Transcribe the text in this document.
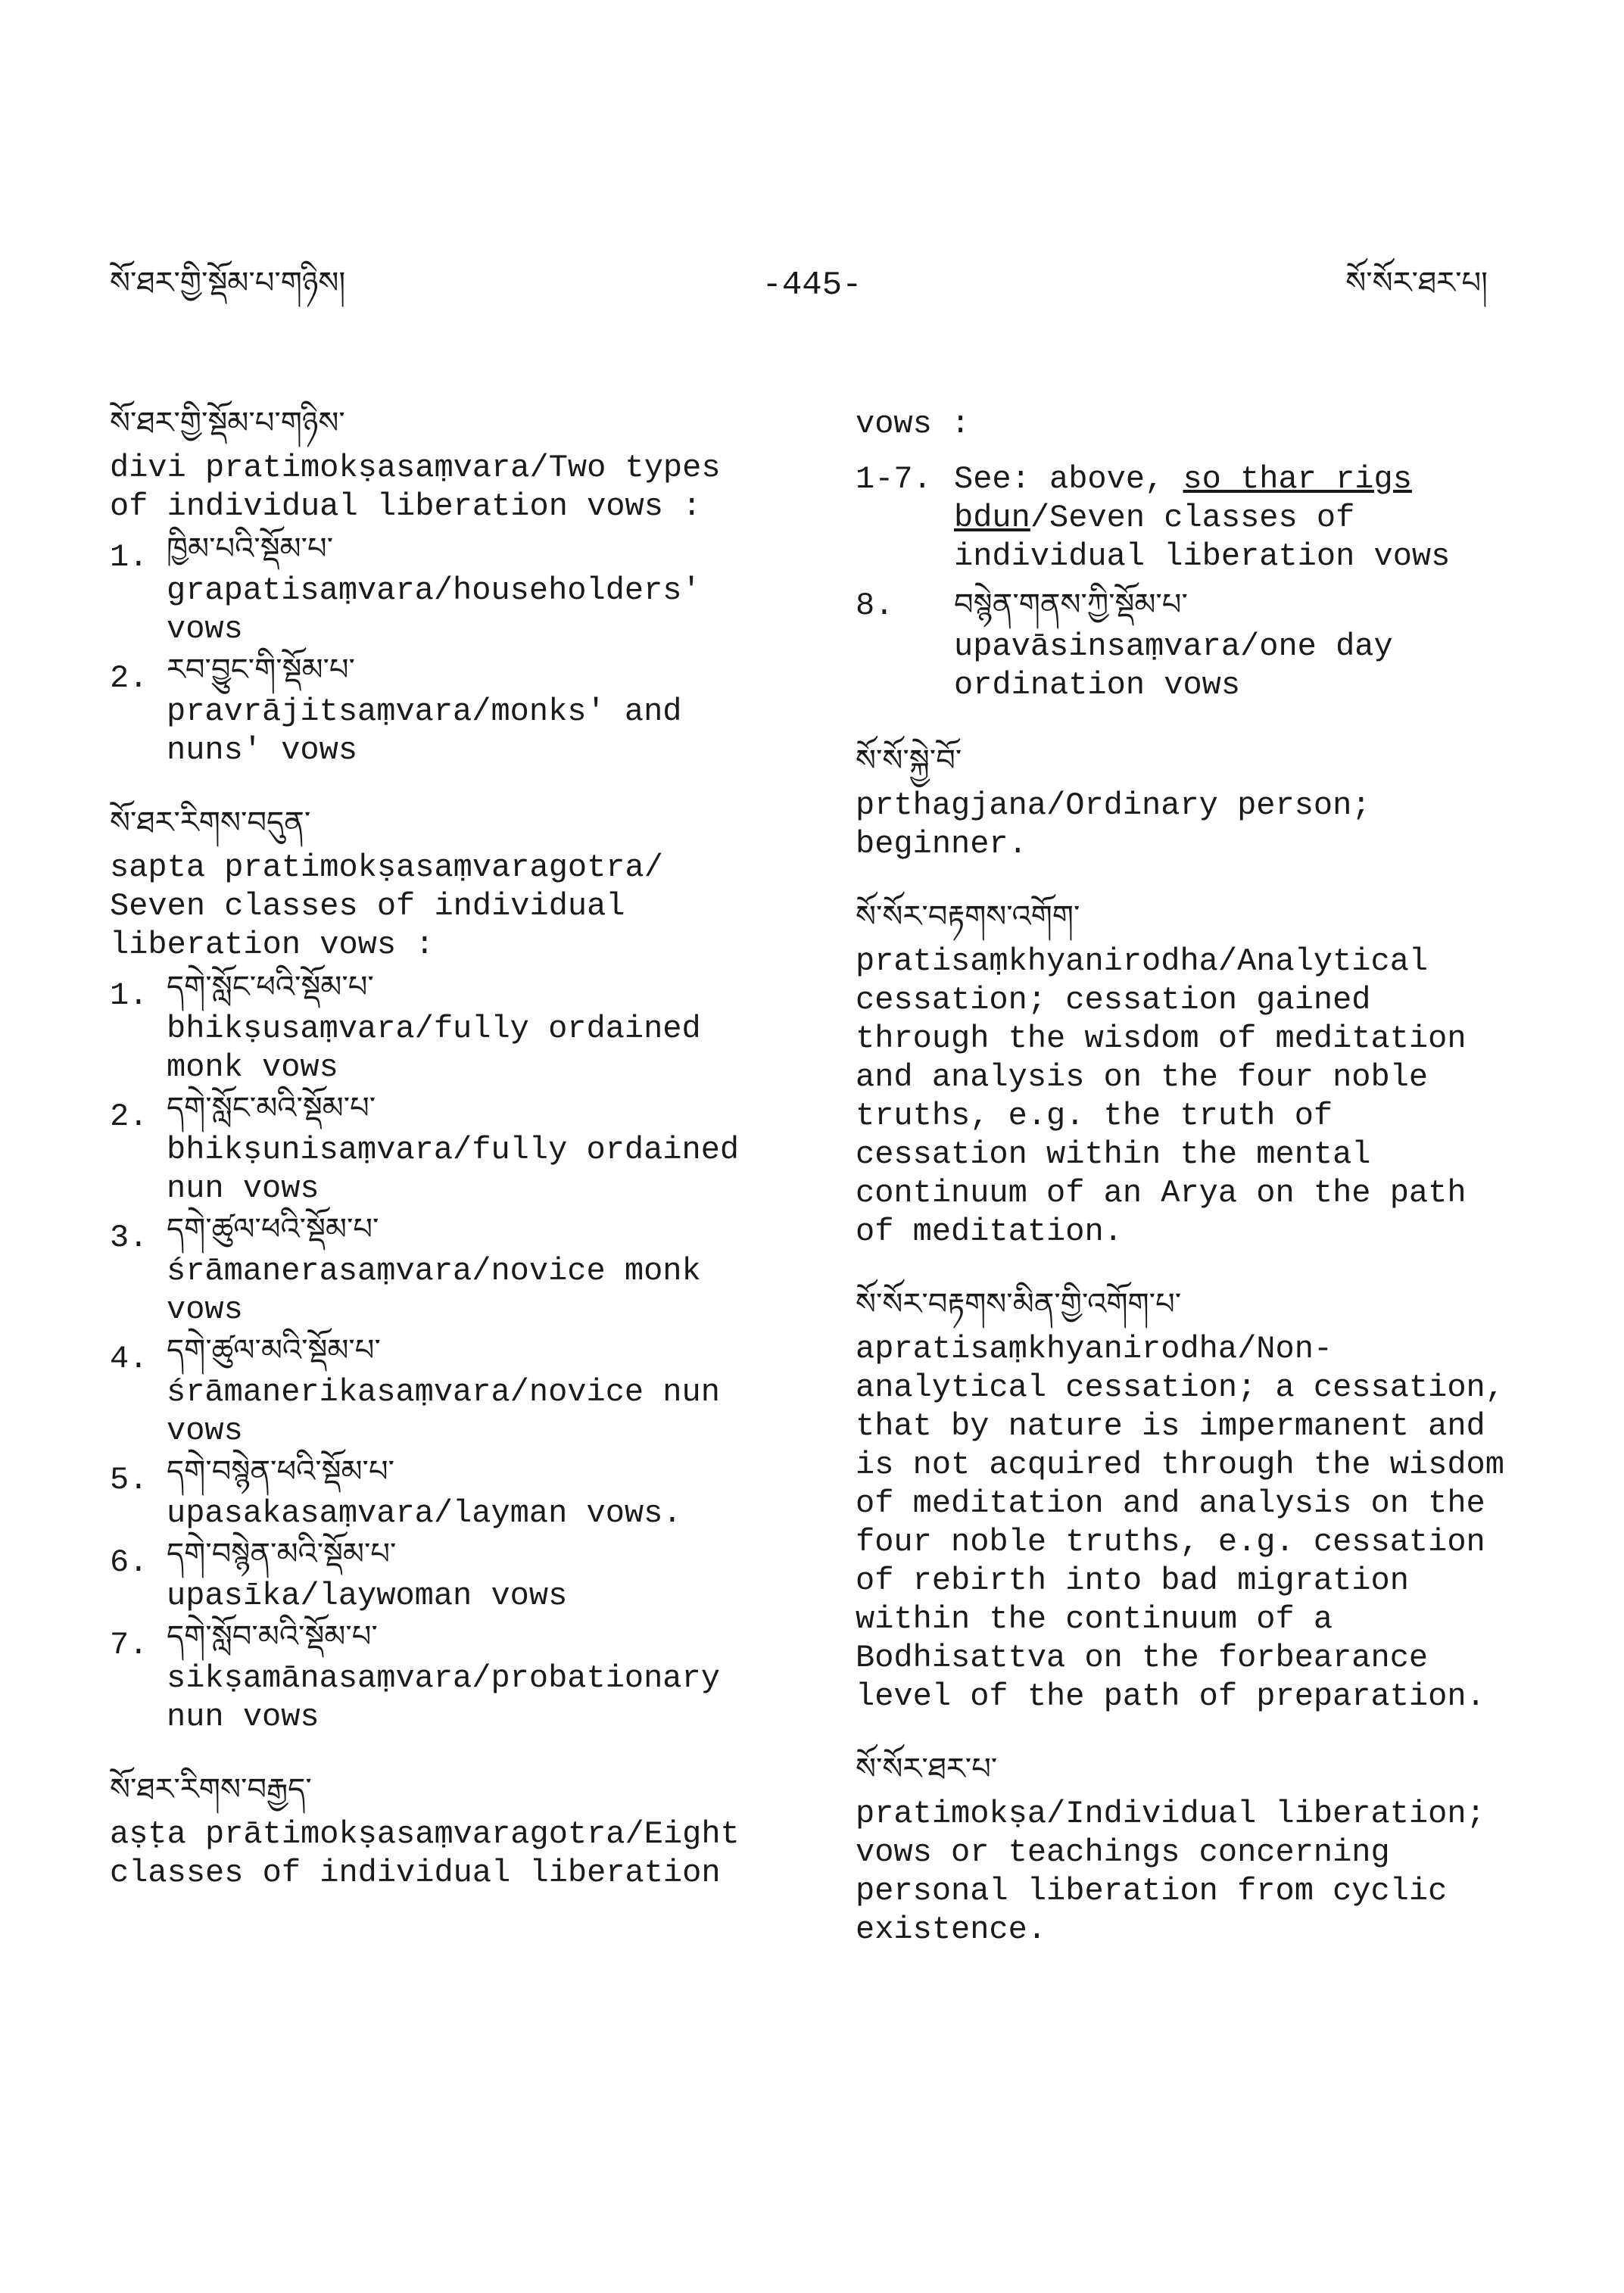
སོ་ཐར་གྱི་སྡོམ་པ་གཉིས།	-445-	སོ་སོར་ཐར་པ།
སོ་ཐར་གྱི་སྡོམ་པ་གཉིས་
divi pratimokṣasaṃvara/Two types of individual liberation vows :
1. ཁྱིམ་པའི་སྡོམ་པ་
grapatisaṃvara/householders' vows
2. རབ་བྱུང་གི་སྡོམ་པ་
pravrājitsaṃvara/monks' and nuns' vows
སོ་ཐར་རིགས་བདུན་
sapta pratimokṣasaṃvaragotra/ Seven classes of individual liberation vows :
1. དགེ་སློང་ཕའི་སྡོམ་པ་
bhikṣusaṃvara/fully ordained monk vows
2. དགེ་སློང་མའི་སྡོམ་པ་
bhikṣunisaṃvara/fully ordained nun vows
3. དགེ་ཚུལ་ཕའི་སྡོམ་པ་
śrāmanerasaṃvara/novice monk vows
4. དགེ་ཚུལ་མའི་སྡོམ་པ་
śrāmanerikasaṃvara/novice nun vows
5. དགེ་བསྙེན་ཕའི་སྡོམ་པ་
upasakasaṃvara/layman vows.
6. དགེ་བསྙེན་མའི་སྡོམ་པ་
upasīka/laywoman vows
7. དགེ་སློབ་མའི་སྡོམ་པ་
sikṣamānasaṃvara/probationary nun vows
སོ་ཐར་རིགས་བརྒྱད་
aṣṭa prātimokṣasaṃvaragotra/Eight classes of individual liberation
vows :
1-7. See: above, so thar rigs bdun/Seven classes of individual liberation vows
8.	བསྙེན་གནས་ཀྱི་སྡོམ་པ་
upavāsinsaṃvara/one day ordination vows
སོ་སོ་སྐྱེ་བོ་
prthagjana/Ordinary person; beginner.
སོ་སོར་བརྟགས་འགོག་
pratisaṃkhyanirodha/Analytical cessation; cessation gained through the wisdom of meditation and analysis on the four noble truths, e.g. the truth of cessation within the mental continuum of an Arya on the path of meditation.
སོ་སོར་བརྟགས་མིན་གྱི་འགོག་པ་
apratisaṃkhyanirodha/Non-analytical cessation; a cessation, that by nature is impermanent and is not acquired through the wisdom of meditation and analysis on the four noble truths, e.g. cessation of rebirth into bad migration within the continuum of a Bodhisattva on the forbearance level of the path of preparation.
སོ་སོར་ཐར་པ་
pratimokṣa/Individual liberation; vows or teachings concerning personal liberation from cyclic existence.
